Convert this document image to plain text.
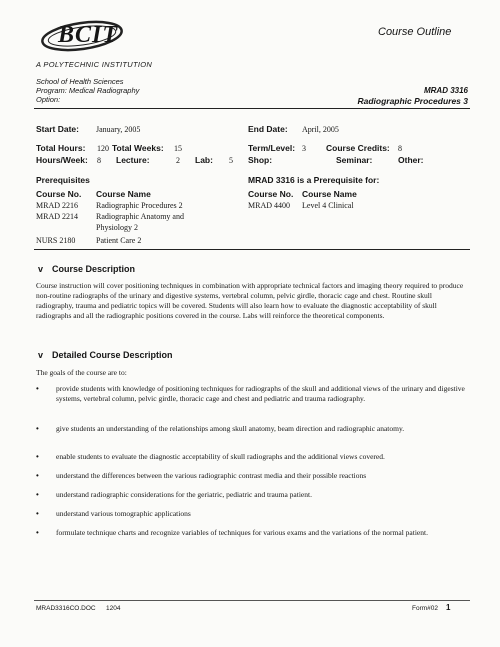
BCIT
A POLYTECHNIC INSTITUTION
Course Outline
School of Health Sciences
Program: Medical Radiography
Option:
MRAD 3316
Radiographic Procedures 3
Start Date: January, 2005	End Date: April, 2005
Total Hours: 120 Total Weeks: 15	Term/Level: 3 Course Credits: 8
Hours/Week: 8 Lecture:	2 Lab: 5 Shop:	Seminar:	Other:
Prerequisites
Course No. Course Name
MRAD 2216 Radiographic Procedures 2
MRAD 2214 Radiographic Anatomy and
Physiology 2
NURS 2180	Patient Care 2
MRAD 3316 is a Prerequisite for:
Course No. Course Name
MRAD 4400 Level 4 Clinical
v Course Description
Course instruction will cover positioning techniques in combination with appropriate technical factors and imaging theory required to produce non-routine radiographs of the urinary and digestive systems, vertebral column, pelvic girdle, thoracic cage and chest. Routine skull radiography, trauma and pediatric topics will be covered. Students will also learn how to evaluate the diagnostic acceptability of skull radiographs and all the radiographic positions covered in the course. Labs will reinforce the theoretical components.
v Detailed Course Description
The goals of the course are to:
• provide students with knowledge of positioning techniques for radiographs of the skull and additional views of the urinary and digestive systems, vertebral column, pelvic girdle, thoracic cage and chest and pediatric and trauma radiography.
• give students an understanding of the relationships among skull anatomy, beam direction and radiographic anatomy.
• enable students to evaluate the diagnostic acceptability of skull radiographs and the additional views covered.
• understand the differences between the various radiographic contrast media and their possible reactions
• understand radiographic considerations for the geriatric, pediatric and trauma patient.
• understand various tomographic applications
• formulate technique charts and recognize variables of techniques for various exams and the variations of the normal patient.
MRAD3316CO.DOC 1204	Form#02 1
